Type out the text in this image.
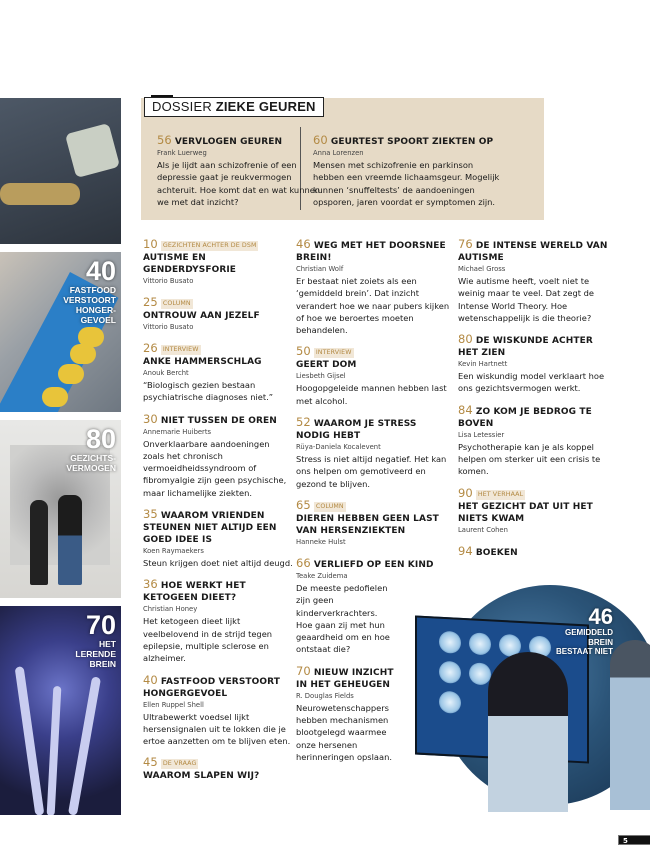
40
FASTFOOD VERSTOORT HONGER- GEVOEL
80
GEZICHTS- VERMOGEN
70
HET LERENDE BREIN
DOSSIER ZIEKE GEUREN
56 VERVLOGEN GEUREN
Frank Luerweg
Als je lijdt aan schizofrenie of een depressie gaat je reukvermogen achteruit. Hoe komt dat en wat kunnen we met dat inzicht?
60 GEURTEST SPOORT ZIEKTEN OP
Anna Lorenzen
Mensen met schizofrenie en parkinson hebben een vreemde lichaamsgeur. Mogelijk kunnen ‘snuffeltests’ de aandoeningen opsporen, jaren voordat er symptomen zijn.
46
GEMIDDELD BREIN BESTAAT NIET
10 GEZICHTEN ACHTER DE DSM
AUTISME EN GENDERDYSFORIE
Vittorio Busato
25 COLUMN
ONTROUW AAN JEZELF
Vittorio Busato
26 INTERVIEW
ANKE HAMMERSCHLAG
Anouk Bercht
“Biologisch gezien bestaan psychiatrische diagnoses niet.”
30 NIET TUSSEN DE OREN
Annemarie Huiberts
Onverklaarbare aandoeningen zoals het chronisch vermoeidheidssyndroom of fibromyalgie zijn geen psychische, maar lichamelijke ziekten.
35 WAAROM VRIENDEN STEUNEN NIET ALTIJD EEN GOED IDEE IS
Koen Raymaekers
Steun krijgen doet niet altijd deugd.
36 HOE WERKT HET KETOGEEN DIEET?
Christian Honey
Het ketogeen dieet lijkt veelbelovend in de strijd tegen epilepsie, multiple sclerose en alzheimer.
40 FASTFOOD VERSTOORT HONGERGEVOEL
Ellen Ruppel Shell
Ultrabewerkt voedsel lijkt hersensignalen uit te lokken die je ertoe aanzetten om te blijven eten.
45 DE VRAAG
WAAROM SLAPEN WIJ?
46 WEG MET HET DOORSNEE BREIN!
Christian Wolf
Er bestaat niet zoiets als een ‘gemiddeld brein’. Dat inzicht verandert hoe we naar pubers kijken of hoe we beroertes moeten behandelen.
50 INTERVIEW
GEERT DOM
Liesbeth Gijsel
Hoogopgeleide mannen hebben last met alcohol.
52 WAAROM JE STRESS NODIG HEBT
Rüya-Daniela Kocalevent
Stress is niet altijd negatief. Het kan ons helpen om gemotiveerd en gezond te blijven.
65 COLUMN
DIEREN HEBBEN GEEN LAST VAN HERSENZIEKTEN
Hanneke Hulst
66 VERLIEFD OP EEN KIND
Teake Zuidema
De meeste pedofielen zijn geen kinderverkrachters. Hoe gaan zij met hun geaardheid om en hoe ontstaat die?
70 NIEUW INZICHT IN HET GEHEUGEN
R. Douglas Fields
Neurowetenschappers hebben mechanismen blootgelegd waarmee onze hersenen herinneringen opslaan.
76 DE INTENSE WERELD VAN AUTISME
Michael Gross
Wie autisme heeft, voelt niet te weinig maar te veel. Dat zegt de Intense World Theory. Hoe wetenschappelijk is die theorie?
80 DE WISKUNDE ACHTER HET ZIEN
Kevin Hartnett
Een wiskundig model verklaart hoe ons gezichtsvermogen werkt.
84 ZO KOM JE BEDROG TE BOVEN
Lisa Letessier
Psychotherapie kan je als koppel helpen om sterker uit een crisis te komen.
90 HET VERHAAL
HET GEZICHT DAT UIT HET NIETS KWAM
Laurent Cohen
94 BOEKEN
5
